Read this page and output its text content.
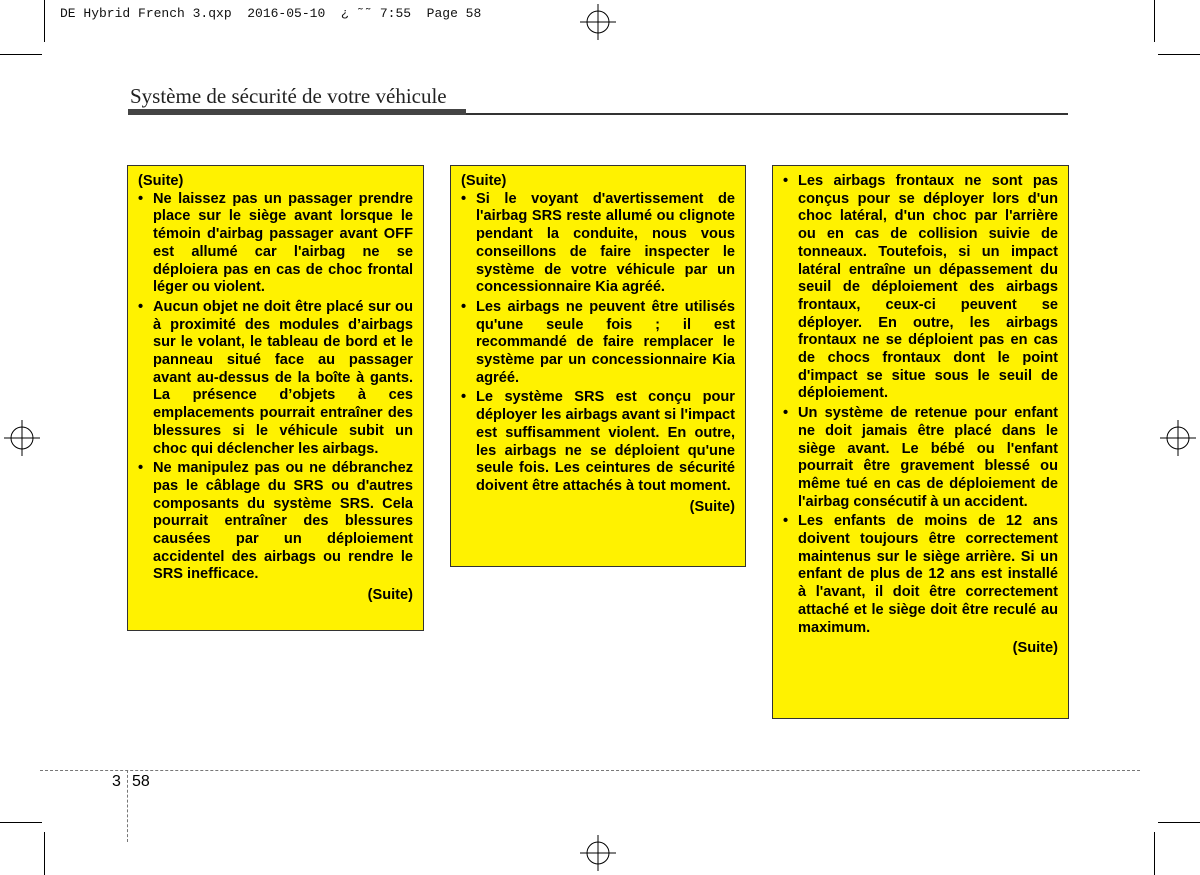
DE Hybrid French 3.qxp  2016-05-10  ¿ ˜˜ 7:55  Page 58
Système de sécurité de votre véhicule

(Suite)

• Ne laissez pas un passager prendre place sur le siège avant lorsque le témoin d'airbag passager avant OFF est allumé car l'airbag ne se déploiera pas en cas de choc frontal léger ou violent.
• Aucun objet ne doit être placé sur ou à proximité des modules d’airbags sur le volant, le tableau de bord et le panneau situé face au passager avant au-dessus de la boîte à gants. La présence d’objets à ces emplacements pourrait entraîner des blessures si le véhicule subit un choc qui déclencher les airbags.
• Ne manipulez pas ou ne débranchez pas le câblage du SRS ou d'autres composants du système SRS. Cela pourrait entraîner des blessures causées par un déploiement accidentel des airbags ou rendre le SRS inefficace.
(Suite)

(Suite)

• Si le voyant d'avertissement de l'airbag SRS reste allumé ou clignote pendant la conduite, nous vous conseillons de faire inspecter le système de votre véhicule par un concessionnaire Kia agréé.
• Les airbags ne peuvent être utilisés qu'une seule fois ; il est recommandé de faire remplacer le système par un concessionnaire Kia agréé.
• Le système SRS est conçu pour déployer les airbags avant si l'impact est suffisamment violent. En outre, les airbags ne se déploient qu'une seule fois. Les ceintures de sécurité doivent être attachés à tout moment.
(Suite)
• Les airbags frontaux ne sont pas conçus pour se déployer lors d'un choc latéral, d'un choc par l'arrière ou en cas de collision suivie de tonneaux. Toutefois, si un impact latéral entraîne un dépassement du seuil de déploiement des airbags frontaux, ceux-ci peuvent se déployer. En outre, les airbags frontaux ne se déploient pas en cas de chocs frontaux dont le point d'impact se situe sous le seuil de déploiement.
• Un système de retenue pour enfant ne doit jamais être placé dans le siège avant. Le bébé ou l'enfant pourrait être gravement blessé ou même tué en cas de déploiement de l'airbag consécutif à un accident.
• Les enfants de moins de 12 ans doivent toujours être correctement maintenus sur le siège arrière. Si un enfant de plus de 12 ans est installé à l'avant, il doit être correctement attaché et le siège doit être reculé au maximum.
(Suite)
3 58
